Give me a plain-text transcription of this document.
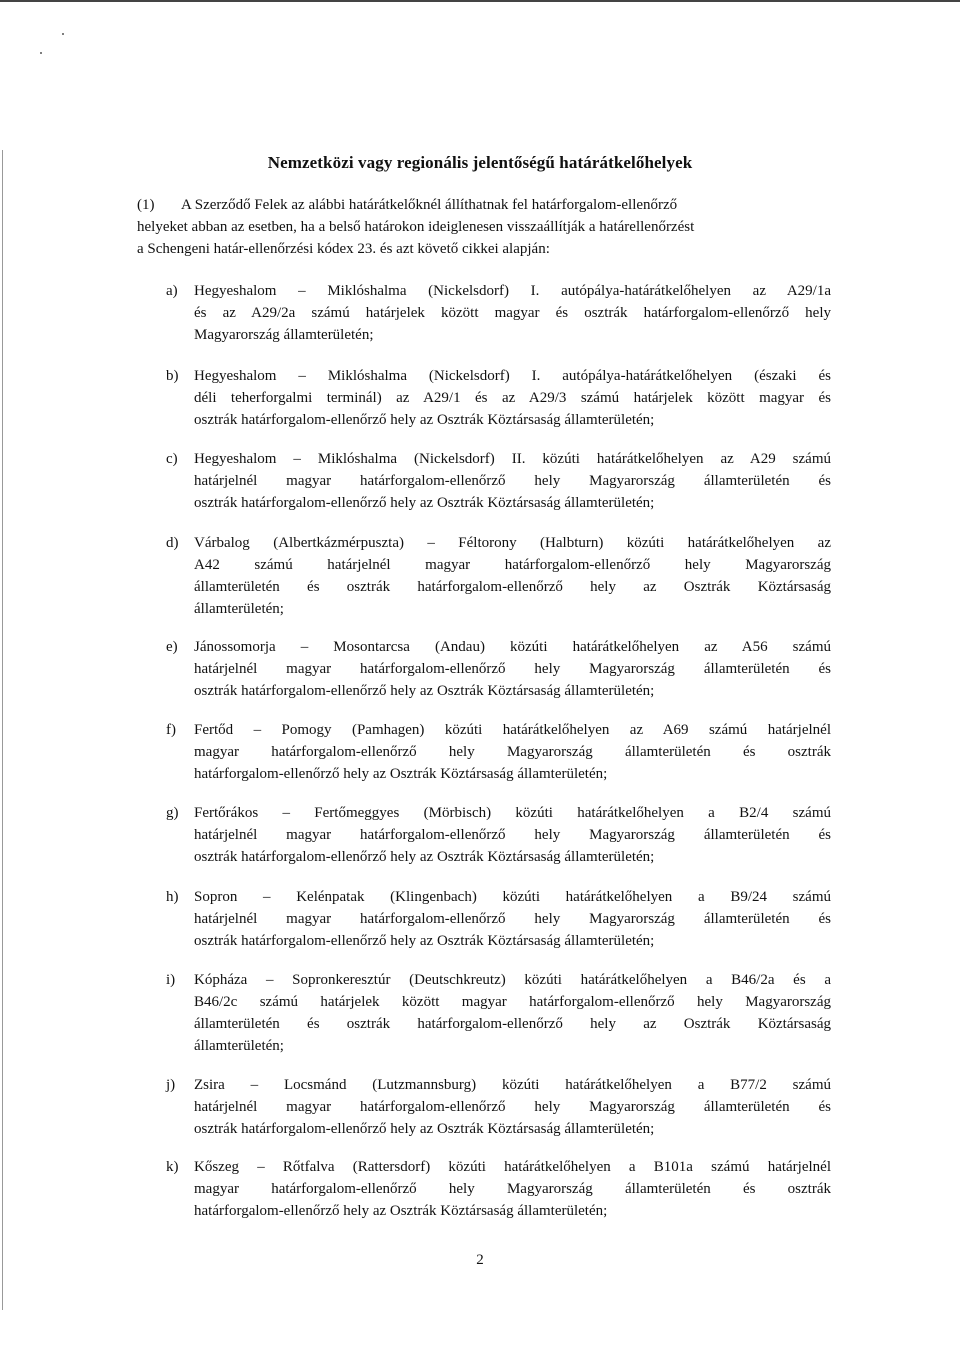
Nemzetközi vagy regionális jelentőségű határátkelőhelyek
(1) A Szerződő Felek az alábbi határátkelőknél állíthatnak fel határforgalom-ellenőrző
helyeket abban az esetben, ha a belső határokon ideiglenesen visszaállítják a határellenőrzést
a Schengeni határ-ellenőrzési kódex 23. és azt követő cikkei alapján:
a)	Hegyeshalom – Miklóshalma (Nickelsdorf) I. autópálya-határátkelőhelyen az A29/1a
és az A29/2a számú határjelek között magyar és osztrák határforgalom-ellenőrző hely
Magyarország államterületén;
b)	Hegyeshalom – Miklóshalma (Nickelsdorf) I. autópálya-határátkelőhelyen (északi és
déli teherforgalmi terminál) az A29/1 és az A29/3 számú határjelek között magyar és
osztrák határforgalom-ellenőrző hely az Osztrák Köztársaság államterületén;
c)	Hegyeshalom – Miklóshalma (Nickelsdorf) II. közúti határátkelőhelyen az A29 számú
határjelnél magyar határforgalom-ellenőrző hely Magyarország államterületén és
osztrák határforgalom-ellenőrző hely az Osztrák Köztársaság államterületén;
d)	Várbalog (Albertkázmérpuszta) – Féltorony (Halbturn) közúti határátkelőhelyen az
A42 számú határjelnél magyar határforgalom-ellenőrző hely Magyarország
államterületén és osztrák határforgalom-ellenőrző hely az Osztrák Köztársaság
államterületén;
e)	Jánossomorja – Mosontarcsa (Andau) közúti határátkelőhelyen az A56 számú
határjelnél magyar határforgalom-ellenőrző hely Magyarország államterületén és
osztrák határforgalom-ellenőrző hely az Osztrák Köztársaság államterületén;
f)	Fertőd – Pomogy (Pamhagen) közúti határátkelőhelyen az A69 számú határjelnél
magyar határforgalom-ellenőrző hely Magyarország államterületén és osztrák
határforgalom-ellenőrző hely az Osztrák Köztársaság államterületén;
g)	Fertőrákos – Fertőmeggyes (Mörbisch) közúti határátkelőhelyen a B2/4 számú
határjelnél magyar határforgalom-ellenőrző hely Magyarország államterületén és
osztrák határforgalom-ellenőrző hely az Osztrák Köztársaság államterületén;
h)	Sopron – Kelénpatak (Klingenbach) közúti határátkelőhelyen a B9/24 számú
határjelnél magyar határforgalom-ellenőrző hely Magyarország államterületén és
osztrák határforgalom-ellenőrző hely az Osztrák Köztársaság államterületén;
i)	Kópháza – Sopronkeresztúr (Deutschkreutz) közúti határátkelőhelyen a B46/2a és a
B46/2c számú határjelek között magyar határforgalom-ellenőrző hely Magyarország
államterületén és osztrák határforgalom-ellenőrző hely az Osztrák Köztársaság
államterületén;
j)	Zsira – Locsmánd (Lutzmannsburg) közúti határátkelőhelyen a B77/2 számú
határjelnél magyar határforgalom-ellenőrző hely Magyarország államterületén és
osztrák határforgalom-ellenőrző hely az Osztrák Köztársaság államterületén;
k)	Kőszeg – Rőtfalva (Rattersdorf) közúti határátkelőhelyen a B101a számú határjelnél
magyar határforgalom-ellenőrző hely Magyarország államterületén és osztrák
határforgalom-ellenőrző hely az Osztrák Köztársaság államterületén;
2
